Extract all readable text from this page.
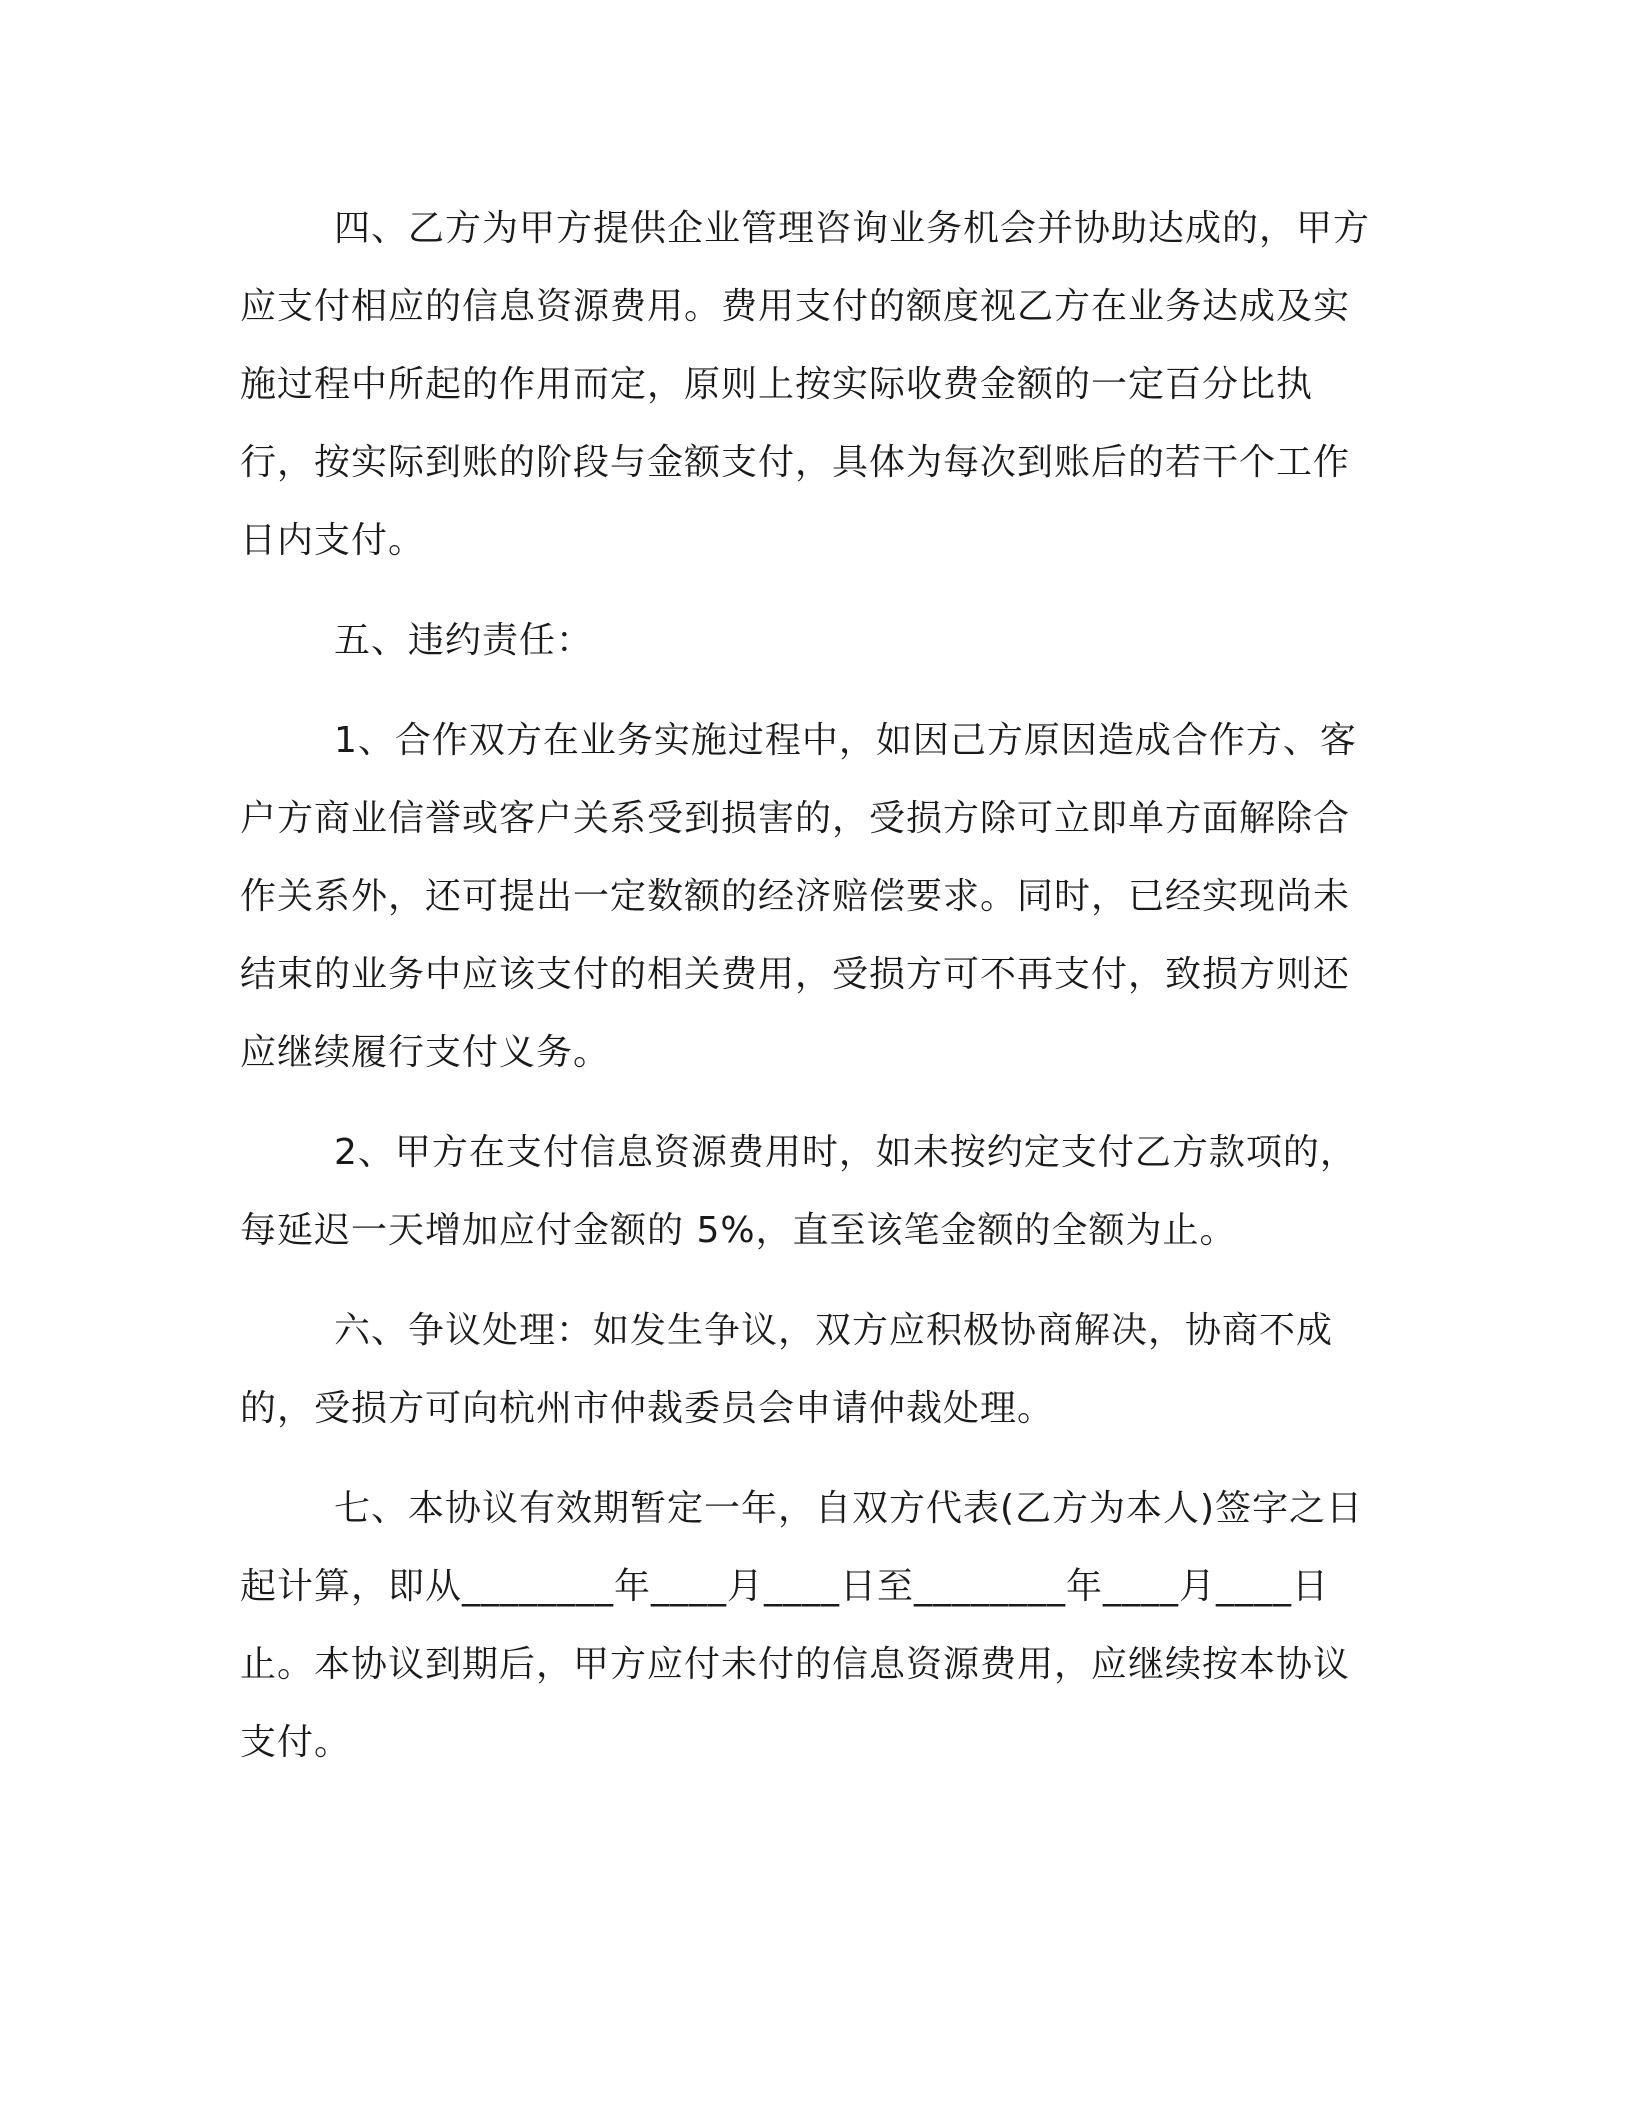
四、乙方为甲方提供企业管理咨询业务机会并协助达成的，甲方应支付相应的信息资源费用。费用支付的额度视乙方在业务达成及实施过程中所起的作用而定，原则上按实际收费金额的一定百分比执行，按实际到账的阶段与金额支付，具体为每次到账后的若干个工作日内支付。

五、违约责任：

1、合作双方在业务实施过程中，如因己方原因造成合作方、客户方商业信誉或客户关系受到损害的，受损方除可立即单方面解除合作关系外，还可提出一定数额的经济赔偿要求。同时，已经实现尚未结束的业务中应该支付的相关费用，受损方可不再支付，致损方则还应继续履行支付义务。

2、甲方在支付信息资源费用时，如未按约定支付乙方款项的，每延迟一天增加应付金额的 5%，直至该笔金额的全额为止。

六、争议处理：如发生争议，双方应积极协商解决，协商不成的，受损方可向杭州市仲裁委员会申请仲裁处理。

七、本协议有效期暂定一年，自双方代表(乙方为本人)签字之日起计算，即从________年____月____日至________年____月____日止。本协议到期后，甲方应付未付的信息资源费用，应继续按本协议支付。
